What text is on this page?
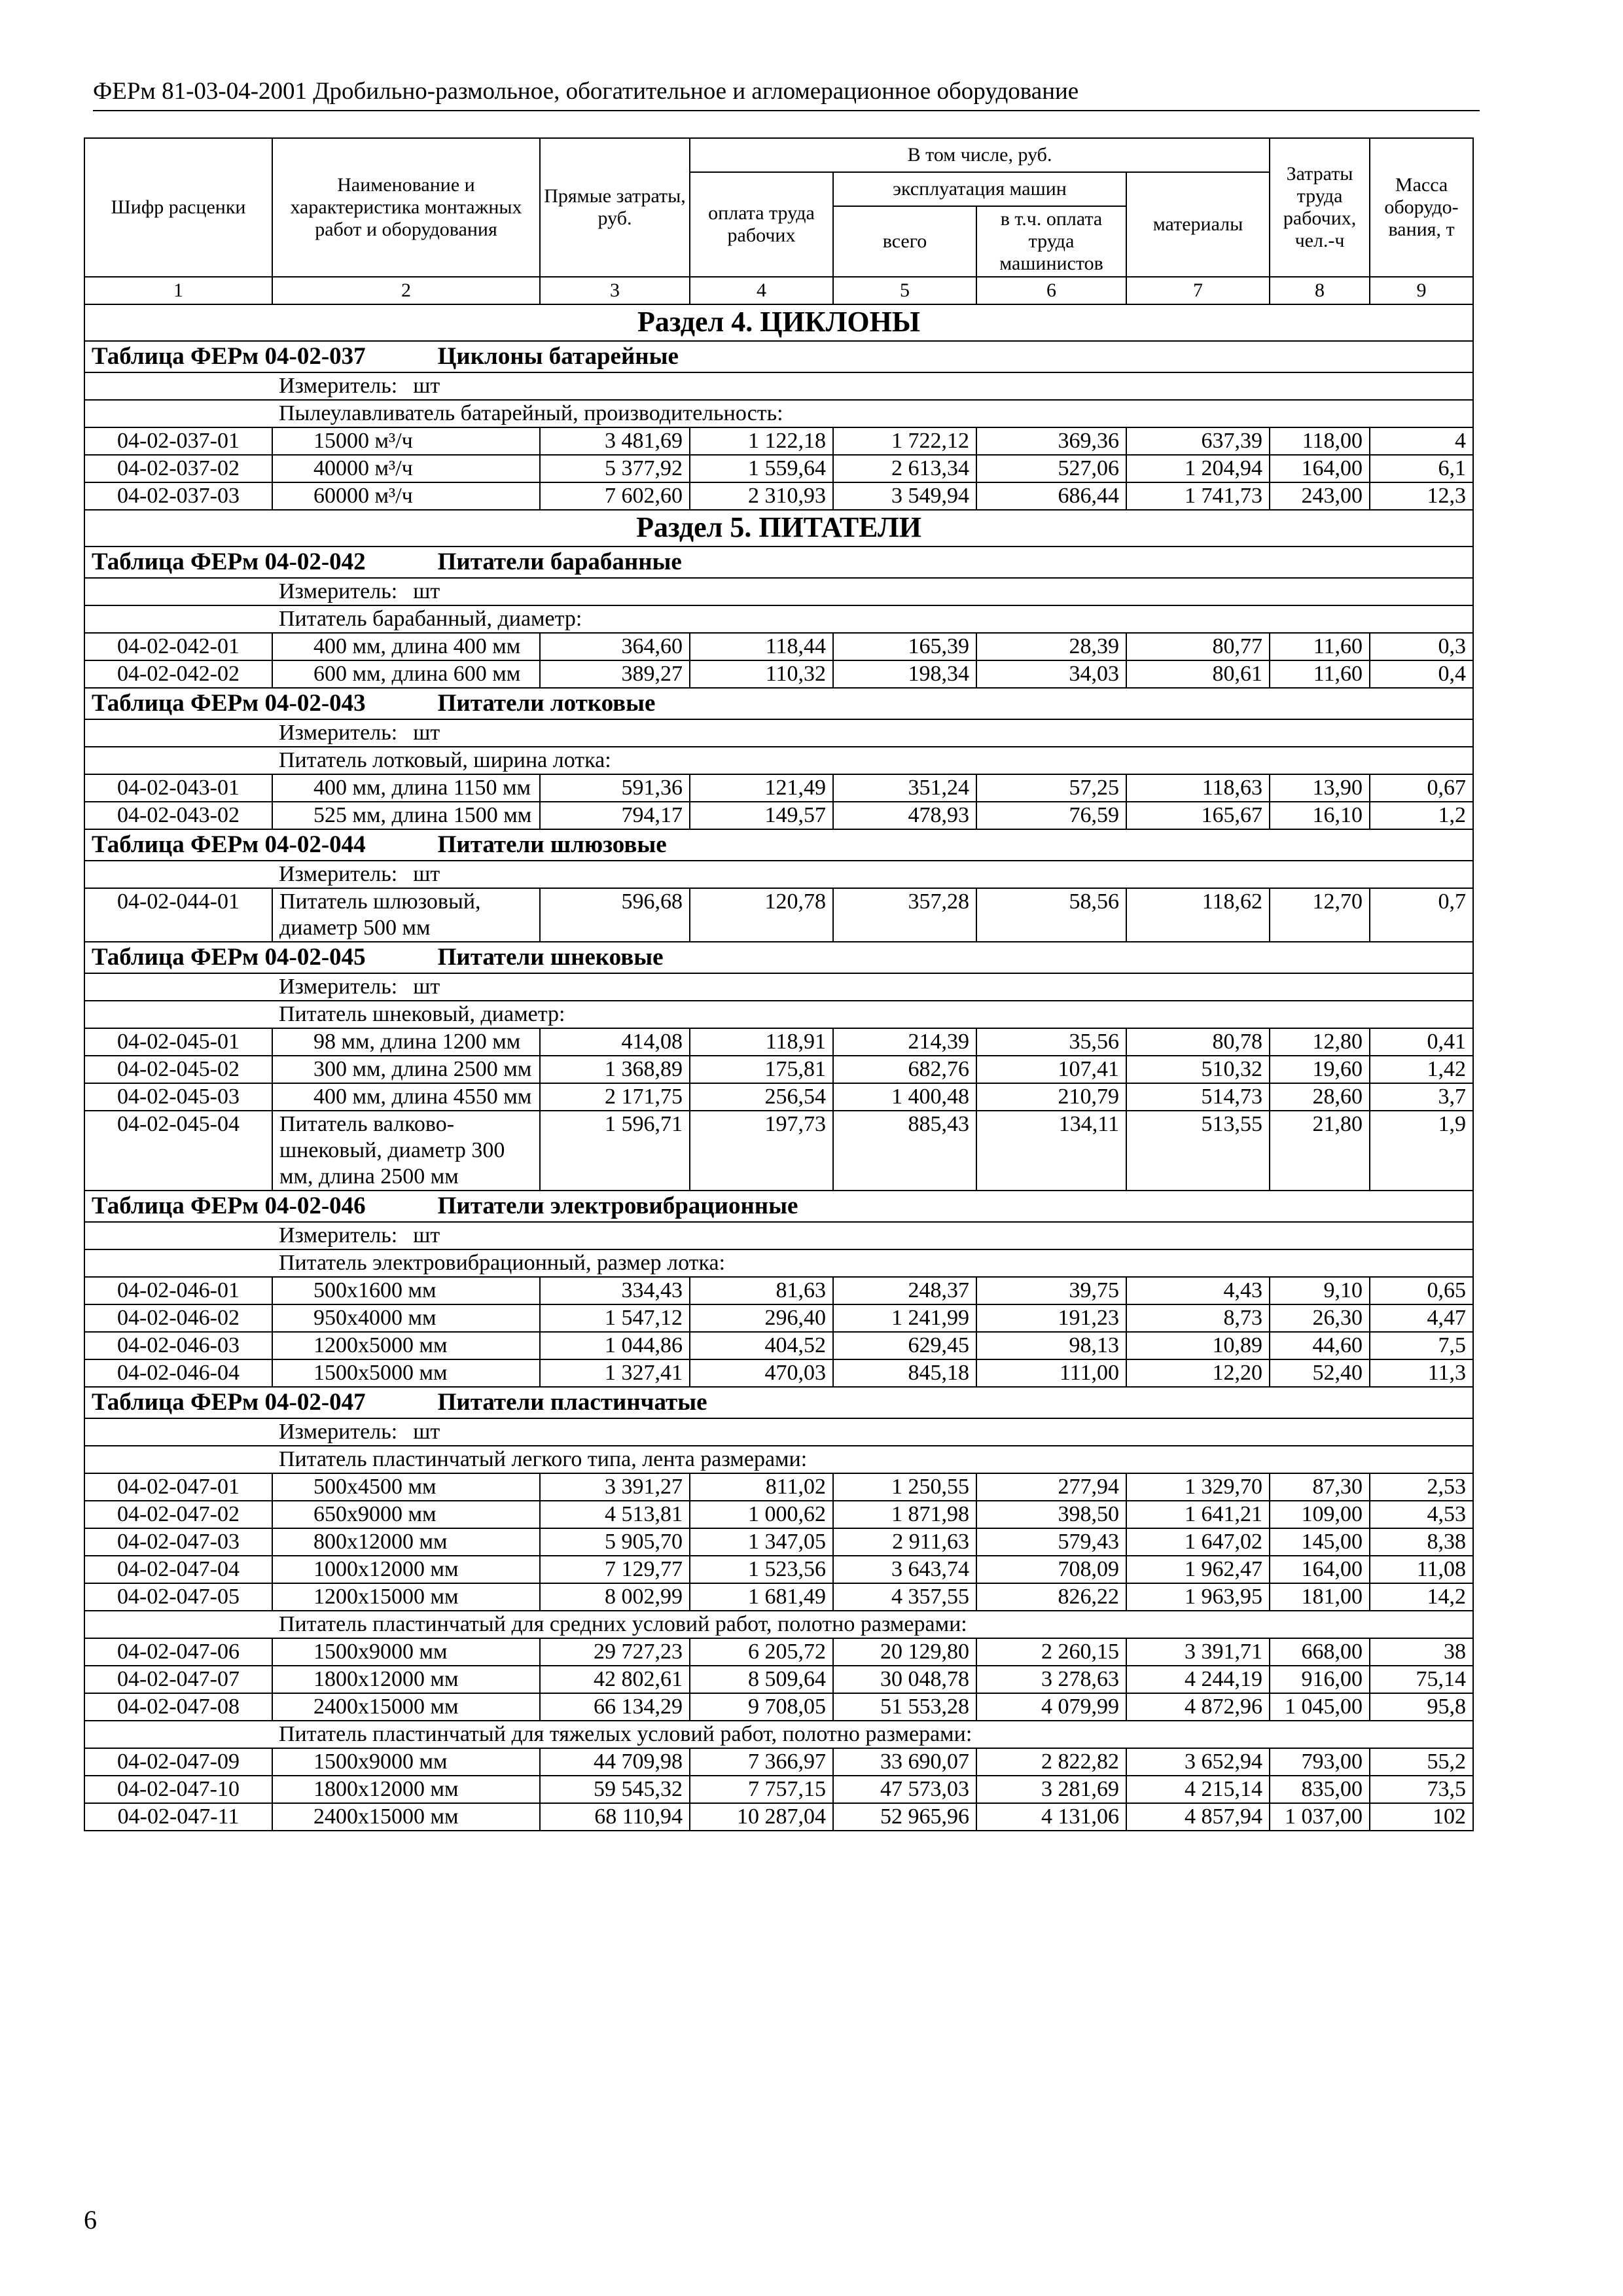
ФЕРм 81-03-04-2001 Дробильно-размольное, обогатительное и агломерационное оборудование
Шифр расценки	Наименование и характеристика монтажных работ и оборудования	Прямые затраты, руб.	В том числе, руб.				Затраты труда рабочих, чел.-ч	Масса оборудо-вания, т
			оплата труда рабочих	эксплуатация машин		материалы		
				всего	в т.ч. оплата труда машинистов			
1	2	3	4	5	6	7	8	9
Раздел 4. ЦИКЛОНЫ								
Таблица ФЕРм 04-02-037 Циклоны батарейные								
	Измеритель: шт							
	Пылеулавливатель батарейный, производительность:							
04-02-037-01	15000 м³/ч	3 481,69	1 122,18	1 722,12	369,36	637,39	118,00	4
04-02-037-02	40000 м³/ч	5 377,92	1 559,64	2 613,34	527,06	1 204,94	164,00	6,1
04-02-037-03	60000 м³/ч	7 602,60	2 310,93	3 549,94	686,44	1 741,73	243,00	12,3
Раздел 5. ПИТАТЕЛИ								
Таблица ФЕРм 04-02-042 Питатели барабанные								
	Измеритель: шт							
	Питатель барабанный, диаметр:							
04-02-042-01	400 мм, длина 400 мм	364,60	118,44	165,39	28,39	80,77	11,60	0,3
04-02-042-02	600 мм, длина 600 мм	389,27	110,32	198,34	34,03	80,61	11,60	0,4
Таблица ФЕРм 04-02-043 Питатели лотковые								
	Измеритель: шт							
	Питатель лотковый, ширина лотка:							
04-02-043-01	400 мм, длина 1150 мм	591,36	121,49	351,24	57,25	118,63	13,90	0,67
04-02-043-02	525 мм, длина 1500 мм	794,17	149,57	478,93	76,59	165,67	16,10	1,2
Таблица ФЕРм 04-02-044 Питатели шлюзовые								
	Измеритель: шт							
04-02-044-01	Питатель шлюзовый, диаметр 500 мм	596,68	120,78	357,28	58,56	118,62	12,70	0,7
Таблица ФЕРм 04-02-045 Питатели шнековые								
	Измеритель: шт							
	Питатель шнековый, диаметр:							
04-02-045-01	98 мм, длина 1200 мм	414,08	118,91	214,39	35,56	80,78	12,80	0,41
04-02-045-02	300 мм, длина 2500 мм	1 368,89	175,81	682,76	107,41	510,32	19,60	1,42
04-02-045-03	400 мм, длина 4550 мм	2 171,75	256,54	1 400,48	210,79	514,73	28,60	3,7
04-02-045-04	Питатель валково-шнековый, диаметр 300 мм, длина 2500 мм	1 596,71	197,73	885,43	134,11	513,55	21,80	1,9
Таблица ФЕРм 04-02-046 Питатели электровибрационные								
	Измеритель: шт							
	Питатель электровибрационный, размер лотка:							
04-02-046-01	500х1600 мм	334,43	81,63	248,37	39,75	4,43	9,10	0,65
04-02-046-02	950х4000 мм	1 547,12	296,40	1 241,99	191,23	8,73	26,30	4,47
04-02-046-03	1200х5000 мм	1 044,86	404,52	629,45	98,13	10,89	44,60	7,5
04-02-046-04	1500х5000 мм	1 327,41	470,03	845,18	111,00	12,20	52,40	11,3
Таблица ФЕРм 04-02-047 Питатели пластинчатые								
	Измеритель: шт							
	Питатель пластинчатый легкого типа, лента размерами:							
04-02-047-01	500х4500 мм	3 391,27	811,02	1 250,55	277,94	1 329,70	87,30	2,53
04-02-047-02	650х9000 мм	4 513,81	1 000,62	1 871,98	398,50	1 641,21	109,00	4,53
04-02-047-03	800х12000 мм	5 905,70	1 347,05	2 911,63	579,43	1 647,02	145,00	8,38
04-02-047-04	1000х12000 мм	7 129,77	1 523,56	3 643,74	708,09	1 962,47	164,00	11,08
04-02-047-05	1200х15000 мм	8 002,99	1 681,49	4 357,55	826,22	1 963,95	181,00	14,2
	Питатель пластинчатый для средних условий работ, полотно размерами:							
04-02-047-06	1500х9000 мм	29 727,23	6 205,72	20 129,80	2 260,15	3 391,71	668,00	38
04-02-047-07	1800х12000 мм	42 802,61	8 509,64	30 048,78	3 278,63	4 244,19	916,00	75,14
04-02-047-08	2400х15000 мм	66 134,29	9 708,05	51 553,28	4 079,99	4 872,96	1 045,00	95,8
	Питатель пластинчатый для тяжелых условий работ, полотно размерами:							
04-02-047-09	1500х9000 мм	44 709,98	7 366,97	33 690,07	2 822,82	3 652,94	793,00	55,2
04-02-047-10	1800х12000 мм	59 545,32	7 757,15	47 573,03	3 281,69	4 215,14	835,00	73,5
04-02-047-11	2400х15000 мм	68 110,94	10 287,04	52 965,96	4 131,06	4 857,94	1 037,00	102
6
